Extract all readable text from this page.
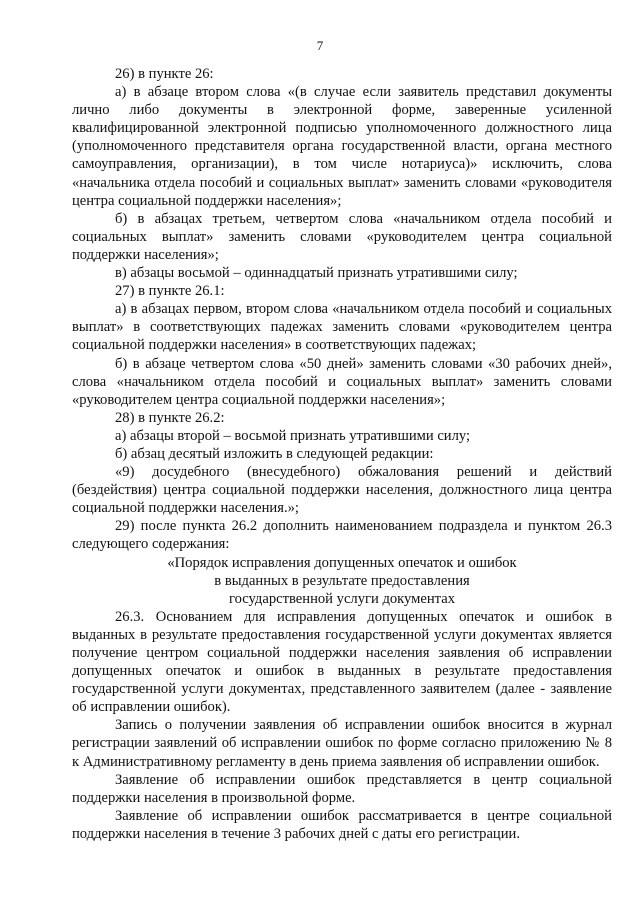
7

26) в пункте 26:

а) в абзаце втором слова «(в случае если заявитель представил документы лично либо документы в электронной форме, заверенные усиленной квалифицированной электронной подписью уполномоченного должностного лица (уполномоченного представителя органа государственной власти, органа местного самоуправления, организации), в том числе нотариуса)» исключить, слова «начальника отдела пособий и социальных выплат» заменить словами «руководителя центра социальной поддержки населения»;

б) в абзацах третьем, четвертом слова «начальником отдела пособий и социальных выплат» заменить словами «руководителем центра социальной поддержки населения»;

в) абзацы восьмой – одиннадцатый признать утратившими силу;

27) в пункте 26.1:

а) в абзацах первом, втором слова «начальником отдела пособий и социальных выплат» в соответствующих падежах заменить словами «руководителем центра социальной поддержки населения» в соответствующих падежах;

б) в абзаце четвертом слова «50 дней» заменить словами «30 рабочих дней», слова «начальником отдела пособий и социальных выплат» заменить словами «руководителем центра социальной поддержки населения»;

28) в пункте 26.2:

а) абзацы второй – восьмой признать утратившими силу;

б) абзац десятый изложить в следующей редакции:

«9) досудебного (внесудебного) обжалования решений и действий (бездействия) центра социальной поддержки населения, должностного лица центра социальной поддержки населения.»;

29) после пункта 26.2 дополнить наименованием подраздела и пунктом 26.3 следующего содержания:

«Порядок исправления допущенных опечаток и ошибок

в выданных в результате предоставления

государственной услуги документах

26.3. Основанием для исправления допущенных опечаток и ошибок в выданных в результате предоставления государственной услуги документах является получение центром социальной поддержки населения заявления об исправлении допущенных опечаток и ошибок в выданных в результате предоставления государственной услуги документах, представленного заявителем (далее - заявление об исправлении ошибок).

Запись о получении заявления об исправлении ошибок вносится в журнал регистрации заявлений об исправлении ошибок по форме согласно приложению № 8 к Административному регламенту в день приема заявления об исправлении ошибок.

Заявление об исправлении ошибок представляется в центр социальной поддержки населения в произвольной форме.

Заявление об исправлении ошибок рассматривается в центре социальной поддержки населения в течение 3 рабочих дней с даты его регистрации.
